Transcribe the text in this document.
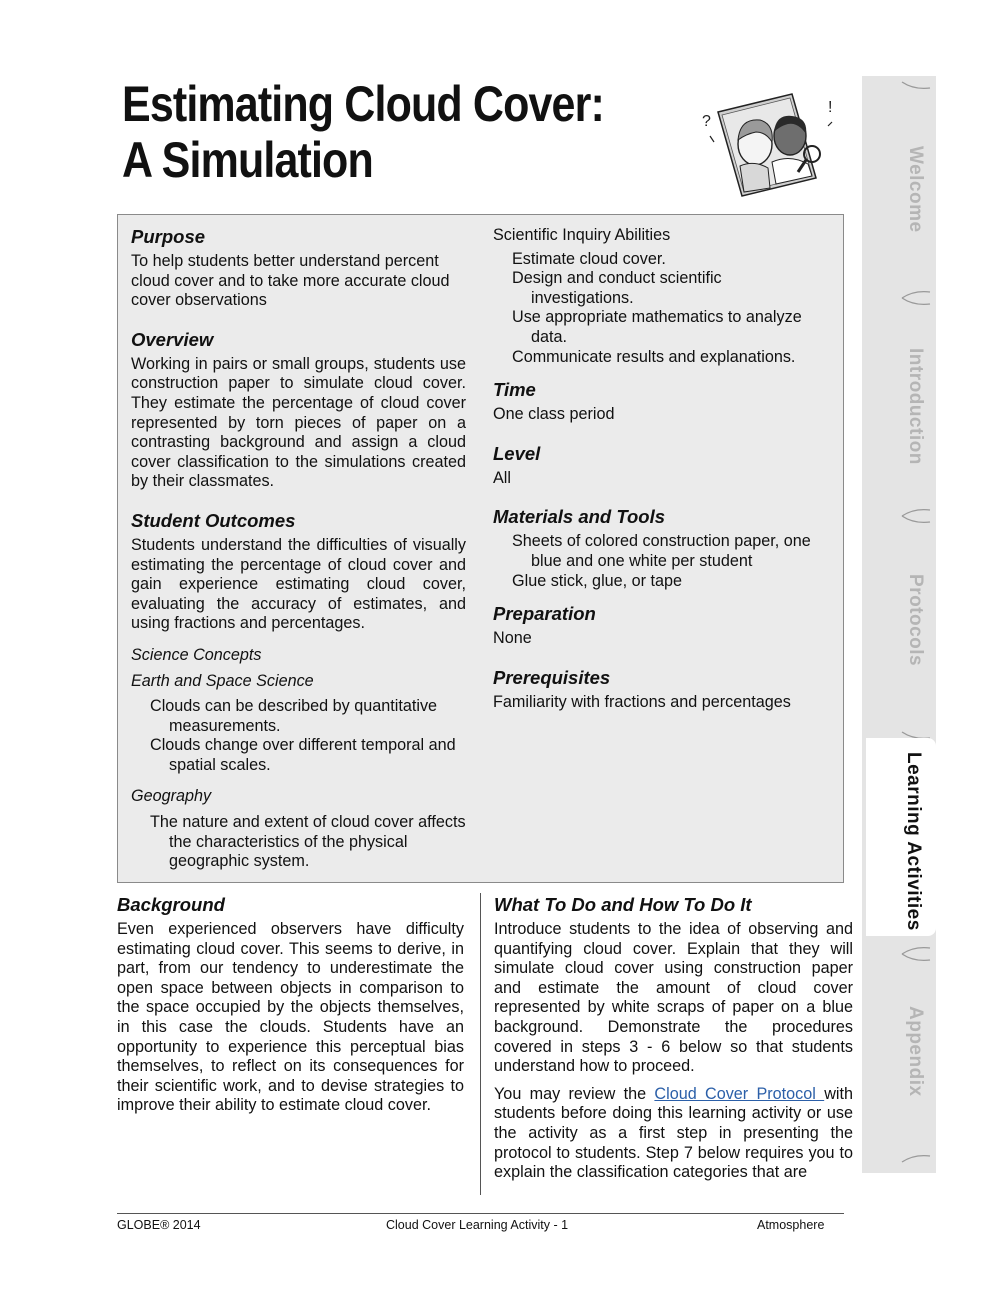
Estimating Cloud Cover:
A Simulation
?
!
Purpose

To help students better understand percent cloud cover and to take more accurate cloud cover observations

Overview

Working in pairs or small groups, students use construction paper to simulate cloud cover. They estimate the percentage of cloud cover represented by torn pieces of paper on a contrasting background and assign a cloud cover classification to the simulations created by their classmates.

Student Outcomes

Students understand the difficulties of visually estimating the percentage of cloud cover and gain experience estimating cloud cover, evaluating the accuracy of estimates, and using fractions and percentages.

Science Concepts

Earth and Space Science

Clouds can be described by quantitative measurements.

Clouds change over different temporal and spatial scales.

Geography

The nature and extent of cloud cover affects the characteristics of the physical geographic system.

Scientific Inquiry Abilities

Estimate cloud cover.

Design and conduct scientific investigations.

Use appropriate mathematics to analyze data.

Communicate results and explanations.

Time

One class period

Level

All

Materials and Tools

Sheets of colored construction paper, one blue and one white per student

Glue stick, glue, or tape

Preparation

None

Prerequisites

Familiarity with fractions and percentages

Background

Even experienced observers have difficulty estimating cloud cover. This seems to derive, in part, from our tendency to underestimate the open space between objects in comparison to the space occupied by the objects themselves, in this case the clouds. Students have an opportunity to experience this perceptual bias themselves, to reflect on its consequences for their scientific work, and to devise strategies to improve their ability to estimate cloud cover.

What To Do and How To Do It

Introduce students to the idea of observing and quantifying cloud cover. Explain that they will simulate cloud cover using construction paper and estimate the amount of cloud cover represented by white scraps of paper on a blue background. Demonstrate the procedures covered in steps 3 - 6 below so that students understand how to proceed.

You may review the Cloud Cover Protocol with students before doing this learning activity or use the activity as a first step in presenting the protocol to students. Step 7 below requires you to explain the classification categories that are

Welcome
Introduction
Protocols
Learning Activities
Appendix
GLOBE® 2014	Cloud Cover Learning Activity - 1	Atmosphere
